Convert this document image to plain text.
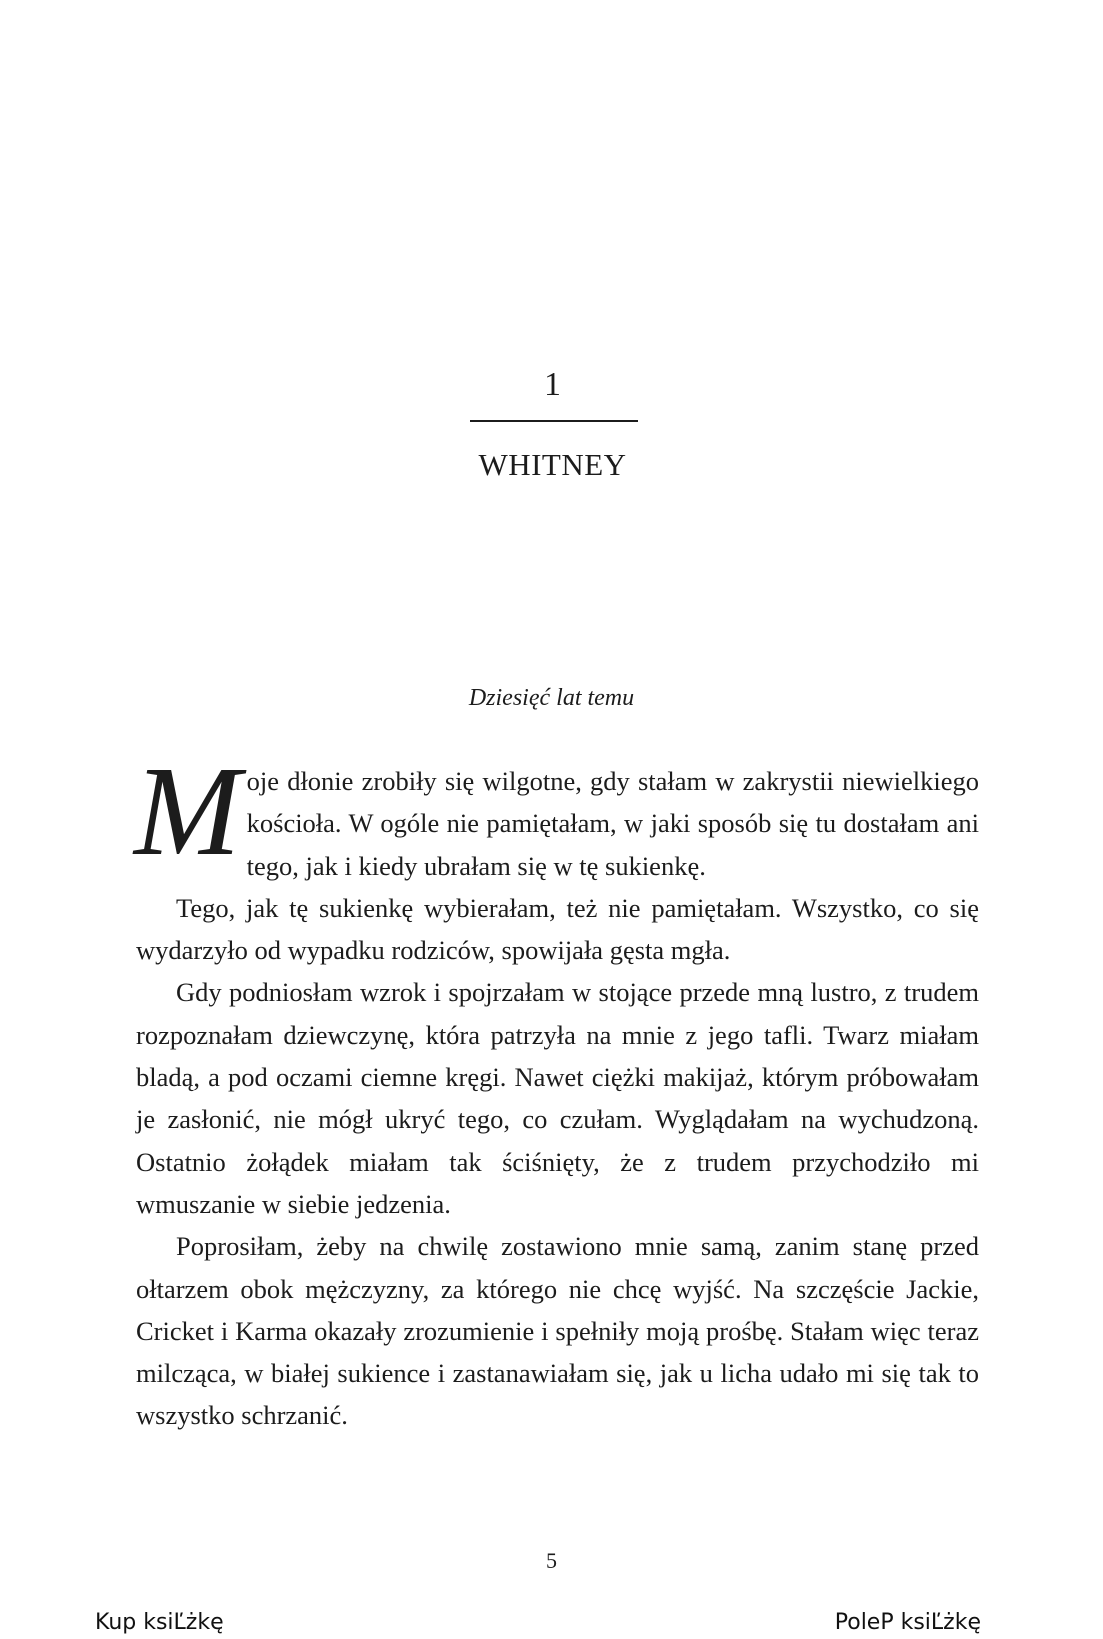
1
WHITNEY
Dziesięć lat temu

Moje dłonie zrobiły się wilgotne, gdy stałam w zakrystii niewielkiego kościoła. W ogóle nie pamiętałam, w jaki sposób się tu dostałam ani tego, jak i kiedy ubrałam się w tę sukienkę.

Tego, jak tę sukienkę wybierałam, też nie pamiętałam. Wszystko, co się wydarzyło od wypadku rodziców, spowijała gęsta mgła.

Gdy podniosłam wzrok i spojrzałam w stojące przede mną lustro, z trudem rozpoznałam dziewczynę, która patrzyła na mnie z jego tafli. Twarz miałam bladą, a pod oczami ciemne kręgi. Nawet ciężki makijaż, którym próbowałam je zasłonić, nie mógł ukryć tego, co czułam. Wyglądałam na wychudzoną. Ostatnio żołądek miałam tak ściśnięty, że z trudem przychodziło mi wmuszanie w siebie jedzenia.

Poprosiłam, żeby na chwilę zostawiono mnie samą, zanim stanę przed ołtarzem obok mężczyzny, za którego nie chcę wyjść. Na szczęście Jackie, Cricket i Karma okazały zrozumienie i spełniły moją prośbę. Stałam więc teraz milcząca, w białej sukience i zastanawiałam się, jak u licha udało mi się tak to wszystko schrzanić.

5
Kup ksiĽżkę	PoleP ksiĽżkę
